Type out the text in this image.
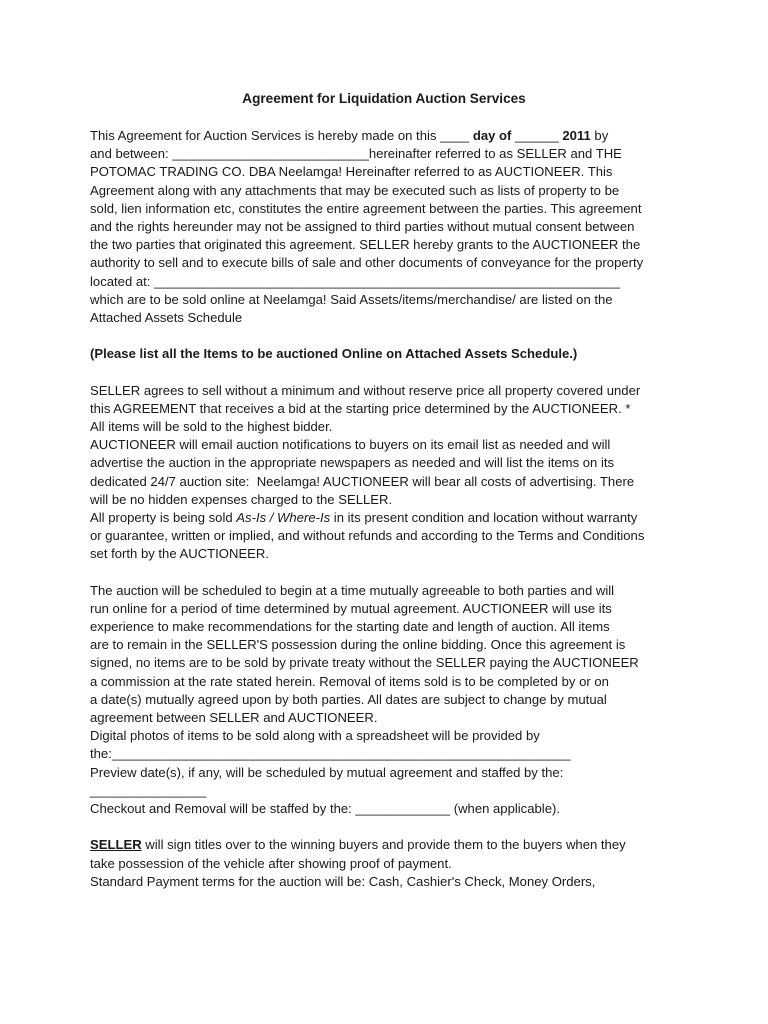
Agreement for Liquidation Auction Services
This Agreement for Auction Services is hereby made on this ____ day of ______ 2011 by
and between: ___________________________hereinafter referred to as SELLER and THE
POTOMAC TRADING CO. DBA Neelamga! Hereinafter referred to as AUCTIONEER. This
Agreement along with any attachments that may be executed such as lists of property to be
sold, lien information etc, constitutes the entire agreement between the parties. This agreement
and the rights hereunder may not be assigned to third parties without mutual consent between
the two parties that originated this agreement. SELLER hereby grants to the AUCTIONEER the
authority to sell and to execute bills of sale and other documents of conveyance for the property
located at: ________________________________________________________________
which are to be sold online at Neelamga! Said Assets/items/merchandise/ are listed on the
Attached Assets Schedule
(Please list all the Items to be auctioned Online on Attached Assets Schedule.)
SELLER agrees to sell without a minimum and without reserve price all property covered under
this AGREEMENT that receives a bid at the starting price determined by the AUCTIONEER. *
All items will be sold to the highest bidder.
AUCTIONEER will email auction notifications to buyers on its email list as needed and will
advertise the auction in the appropriate newspapers as needed and will list the items on its
dedicated 24/7 auction site:  Neelamga! AUCTIONEER will bear all costs of advertising. There
will be no hidden expenses charged to the SELLER.
All property is being sold As-Is / Where-Is in its present condition and location without warranty
or guarantee, written or implied, and without refunds and according to the Terms and Conditions
set forth by the AUCTIONEER.
The auction will be scheduled to begin at a time mutually agreeable to both parties and will
run online for a period of time determined by mutual agreement. AUCTIONEER will use its
experience to make recommendations for the starting date and length of auction. All items
are to remain in the SELLER'S possession during the online bidding. Once this agreement is
signed, no items are to be sold by private treaty without the SELLER paying the AUCTIONEER
a commission at the rate stated herein. Removal of items sold is to be completed by or on
a date(s) mutually agreed upon by both parties. All dates are subject to change by mutual
agreement between SELLER and AUCTIONEER.
Digital photos of items to be sold along with a spreadsheet will be provided by
the:_______________________________________________________________
Preview date(s), if any, will be scheduled by mutual agreement and staffed by the:
________________
Checkout and Removal will be staffed by the: _____________ (when applicable).
SELLER will sign titles over to the winning buyers and provide them to the buyers when they
take possession of the vehicle after showing proof of payment.
Standard Payment terms for the auction will be: Cash, Cashier's Check, Money Orders,
